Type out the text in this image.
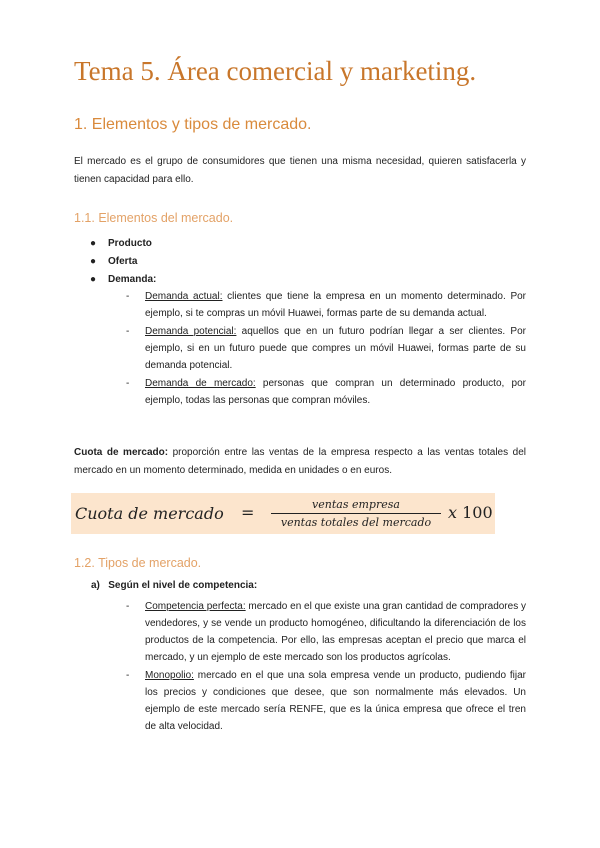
Tema 5. Área comercial y marketing.
1. Elementos y tipos de mercado.
El mercado es el grupo de consumidores que tienen una misma necesidad, quieren satisfacerla y tienen capacidad para ello.
1.1. Elementos del mercado.
● Producto
● Oferta
● Demanda:
- Demanda actual: clientes que tiene la empresa en un momento determinado. Por ejemplo, si te compras un móvil Huawei, formas parte de su demanda actual.
- Demanda potencial: aquellos que en un futuro podrían llegar a ser clientes. Por ejemplo, si en un futuro puede que compres un móvil Huawei, formas parte de su demanda potencial.
- Demanda de mercado: personas que compran un determinado producto, por ejemplo, todas las personas que compran móviles.
Cuota de mercado: proporción entre las ventas de la empresa respecto a las ventas totales del mercado en un momento determinado, medida en unidades o en euros.
Cuota de mercado =	ventas empresa
ventas totales del mercado
x 100
1.2. Tipos de mercado.
a) Según el nivel de competencia:
- Competencia perfecta: mercado en el que existe una gran cantidad de compradores y vendedores, y se vende un producto homogéneo, dificultando la diferenciación de los productos de la competencia. Por ello, las empresas aceptan el precio que marca el mercado, y un ejemplo de este mercado son los productos agrícolas.
- Monopolio: mercado en el que una sola empresa vende un producto, pudiendo fijar los precios y condiciones que desee, que son normalmente más elevados. Un ejemplo de este mercado sería RENFE, que es la única empresa que ofrece el tren de alta velocidad.
